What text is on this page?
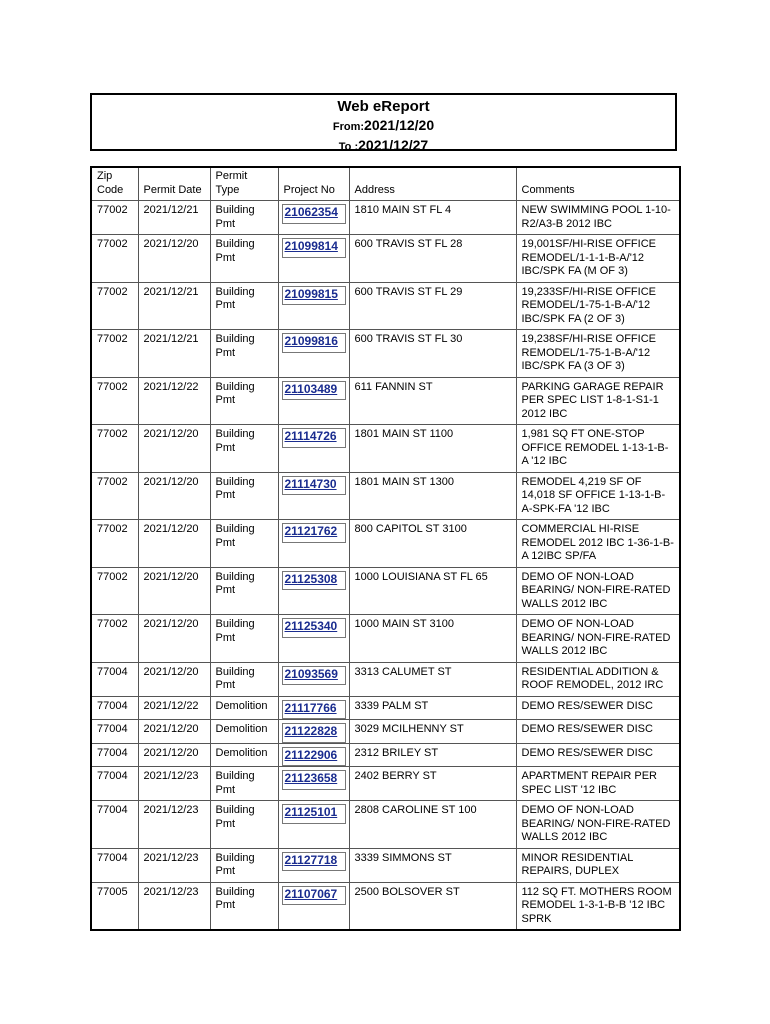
Web eReport
From:2021/12/20
To :2021/12/27
Zip Code	Permit Date	Permit Type	Project No	Address	Comments
77002	2021/12/21	Building Pmt	21062354	1810 MAIN ST FL 4	NEW SWIMMING POOL 1-10-R2/A3-B 2012 IBC
77002	2021/12/20	Building Pmt	21099814	600 TRAVIS ST FL 28	19,001SF/HI-RISE OFFICE REMODEL/1-1-1-B-A/'12 IBC/SPK FA (M OF 3)
77002	2021/12/21	Building Pmt	21099815	600 TRAVIS ST FL 29	19,233SF/HI-RISE OFFICE REMODEL/1-75-1-B-A/'12 IBC/SPK FA (2 OF 3)
77002	2021/12/21	Building Pmt	21099816	600 TRAVIS ST FL 30	19,238SF/HI-RISE OFFICE REMODEL/1-75-1-B-A/'12 IBC/SPK FA (3 OF 3)
77002	2021/12/22	Building Pmt	21103489	611 FANNIN ST	PARKING GARAGE REPAIR PER SPEC LIST 1-8-1-S1-1 2012 IBC
77002	2021/12/20	Building Pmt	21114726	1801 MAIN ST 1100	1,981 SQ FT ONE-STOP OFFICE REMODEL 1-13-1-B-A '12 IBC
77002	2021/12/20	Building Pmt	21114730	1801 MAIN ST 1300	REMODEL 4,219 SF OF 14,018 SF OFFICE 1-13-1-B-A-SPK-FA '12 IBC
77002	2021/12/20	Building Pmt	21121762	800 CAPITOL ST 3100	COMMERCIAL HI-RISE REMODEL 2012 IBC 1-36-1-B-A 12IBC SP/FA
77002	2021/12/20	Building Pmt	21125308	1000 LOUISIANA ST FL 65	DEMO OF NON-LOAD BEARING/ NON-FIRE-RATED WALLS 2012 IBC
77002	2021/12/20	Building Pmt	21125340	1000 MAIN ST 3100	DEMO OF NON-LOAD BEARING/ NON-FIRE-RATED WALLS 2012 IBC
77004	2021/12/20	Building Pmt	21093569	3313 CALUMET ST	RESIDENTIAL ADDITION & ROOF REMODEL, 2012 IRC
77004	2021/12/22	Demolition	21117766	3339 PALM ST	DEMO RES/SEWER DISC
77004	2021/12/20	Demolition	21122828	3029 MCILHENNY ST	DEMO RES/SEWER DISC
77004	2021/12/20	Demolition	21122906	2312 BRILEY ST	DEMO RES/SEWER DISC
77004	2021/12/23	Building Pmt	21123658	2402 BERRY ST	APARTMENT REPAIR PER SPEC LIST '12 IBC
77004	2021/12/23	Building Pmt	21125101	2808 CAROLINE ST 100	DEMO OF NON-LOAD BEARING/ NON-FIRE-RATED WALLS 2012 IBC
77004	2021/12/23	Building Pmt	21127718	3339 SIMMONS ST	MINOR RESIDENTIAL REPAIRS, DUPLEX
77005	2021/12/23	Building Pmt	21107067	2500 BOLSOVER ST	112 SQ FT. MOTHERS ROOM REMODEL 1-3-1-B-B '12 IBC SPRK
